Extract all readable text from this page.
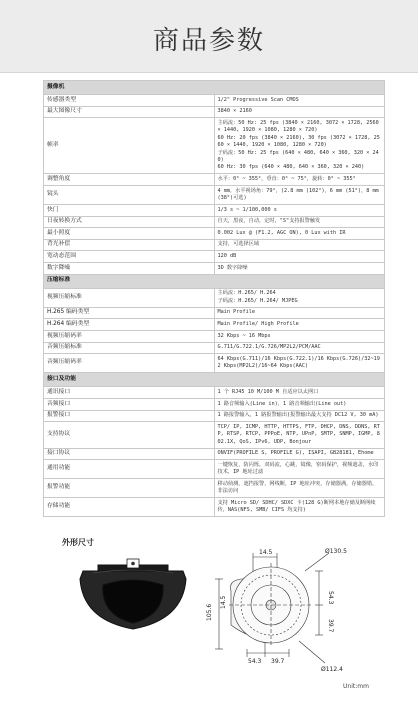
商品参数
摄像机	
传感器类型	1/2" Progressive Scan CMOS

最大图像尺寸	3840 × 2160

帧率	主码流：50 Hz: 25 fps (3840 × 2160, 3072 × 1728, 2560 × 1440, 1920 × 1080, 1280 × 720)
60 Hz: 20 fps (3840 × 2160), 30 fps (3072 × 1728, 2560 × 1440, 1920 × 1080, 1280 × 720)
子码流：50 Hz: 25 fps (640 × 480, 640 × 360, 320 × 240)
60 Hz: 30 fps (640 × 480, 640 × 360, 320 × 240)

调整角度	水平：0° ~ 355°，垂直：0° ~ 75°，旋转：0° ~ 355°

镜头	4 mm，水平视场角：79°，(2.8 mm (102°)，6 mm (51°)，8 mm (38°)可选)

快门	1/3 s ~ 1/100,000 s

日夜转换方式	自天，黑夜，自动，定时，"S"支持报警触发

最小照度	0.002 Lux @ (F1.2, AGC ON), 0 Lux with IR

背光补偿	支持，可选择区域

宽动态范围	120 dB

数字降噪	3D 数字降噪

压缩标准	
视频压缩标准	主码流：H.265/ H.264
子码流：H.265/ H.264/ MJPEG

H.265 编码类型	Main Profile

H.264 编码类型	Main Profile/ High Profile

视频压缩码率	32 Kbps ~ 16 Mbps

音频压缩标准	G.711/G.722.1/G.726/MP2L2/PCM/AAC

音频压缩码率	64 Kbps(G.711)/16 Kbps(G.722.1)/16 Kbps(G.726)/32~192 Kbps(MP2L2)/16~64 Kbps(AAC)

接口及功能	
通讯接口	1 个 RJ45 10 M/100 M 自适应以太网口

音频接口	1 路音频输入(Line in)，1 路音频输出(Line out)

报警接口	1 路报警输入，1 路报警输出(报警输出最大支持 DC12 V, 30 mA)

支持协议	TCP/ IP, ICMP, HTTP, HTTPS, FTP, DHCP, DNS, DDNS, RTP, RTSP, RTCP, PPPoE, NTP, UPnP, SMTP, SNMP, IGMP, 802.1X, QoS, IPv6, UDP, Bonjour

接口协议	ONVIF(PROFILE S, PROFILE G), ISAPI, GB28181, Ehome

通用功能	一键恢复，防闪烁，双码流，心跳，镜像，密码保护，视频遮盖，水印技术，IP 地址过滤

报警功能	移动侦测，遮挡报警，网线断，IP 地址冲突，存储器满，存储器错，非法访问

存储功能	支持 Micro SD/ SDHC/ SDXC 卡(128 G)断网本地存储及断网续传，NAS(NFS, SMB/ CIFS 均支持)
外形尺寸
14.5	Ø130.5
54.3
39.7
Ø112.4
105.6
14.5
54.3 39.7
Unit:mm
